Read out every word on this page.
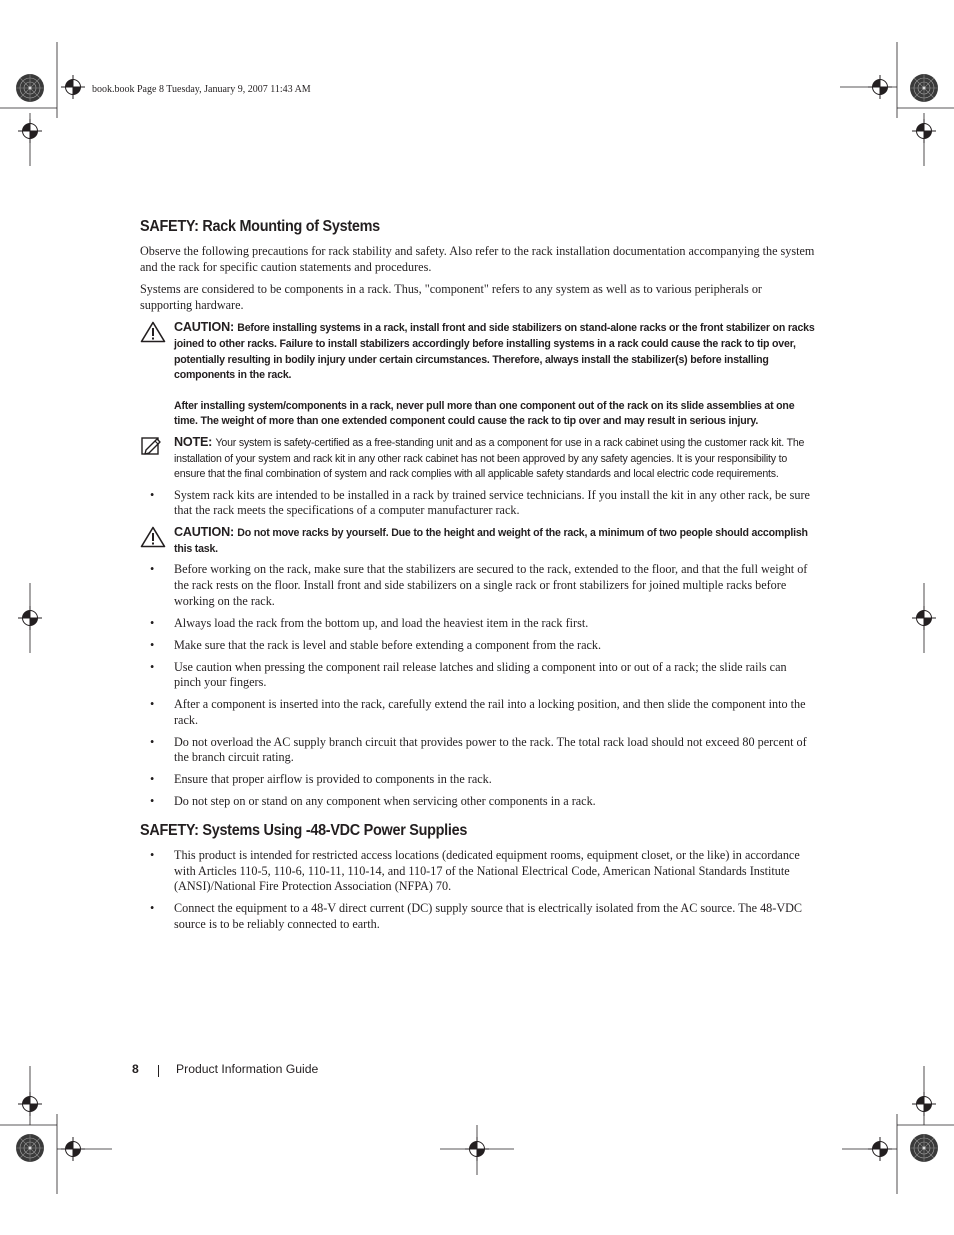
book.book Page 8 Tuesday, January 9, 2007 11:43 AM
SAFETY: Rack Mounting of Systems

Observe the following precautions for rack stability and safety. Also refer to the rack installation documentation accompanying the system and the rack for specific caution statements and procedures.

Systems are considered to be components in a rack. Thus, "component" refers to any system as well as to various peripherals or supporting hardware.

CAUTION: Before installing systems in a rack, install front and side stabilizers on stand-alone racks or the front stabilizer on racks joined to other racks. Failure to install stabilizers accordingly before installing systems in a rack could cause the rack to tip over, potentially resulting in bodily injury under certain circumstances. Therefore, always install the stabilizer(s) before installing components in the rack.

After installing system/components in a rack, never pull more than one component out of the rack on its slide assemblies at one time. The weight of more than one extended component could cause the rack to tip over and may result in serious injury.

NOTE: Your system is safety-certified as a free-standing unit and as a component for use in a rack cabinet using the customer rack kit. The installation of your system and rack kit in any other rack cabinet has not been approved by any safety agencies. It is your responsibility to ensure that the final combination of system and rack complies with all applicable safety standards and local electric code requirements.

• System rack kits are intended to be installed in a rack by trained service technicians. If you install the kit in any other rack, be sure that the rack meets the specifications of a computer manufacturer rack.

CAUTION: Do not move racks by yourself. Due to the height and weight of the rack, a minimum of two people should accomplish this task.

• Before working on the rack, make sure that the stabilizers are secured to the rack, extended to the floor, and that the full weight of the rack rests on the floor. Install front and side stabilizers on a single rack or front stabilizers for joined multiple racks before working on the rack.
• Always load the rack from the bottom up, and load the heaviest item in the rack first.
• Make sure that the rack is level and stable before extending a component from the rack.
• Use caution when pressing the component rail release latches and sliding a component into or out of a rack; the slide rails can pinch your fingers.
• After a component is inserted into the rack, carefully extend the rail into a locking position, and then slide the component into the rack.
• Do not overload the AC supply branch circuit that provides power to the rack. The total rack load should not exceed 80 percent of the branch circuit rating.
• Ensure that proper airflow is provided to components in the rack.
• Do not step on or stand on any component when servicing other components in a rack.
SAFETY: Systems Using -48-VDC Power Supplies
• This product is intended for restricted access locations (dedicated equipment rooms, equipment closet, or the like) in accordance with Articles 110-5, 110-6, 110-11, 110-14, and 110-17 of the National Electrical Code, American National Standards Institute (ANSI)/National Fire Protection Association (NFPA) 70.
• Connect the equipment to a 48-V direct current (DC) supply source that is electrically isolated from the AC source. The 48-VDC source is to be reliably connected to earth.
8	Product Information Guide
